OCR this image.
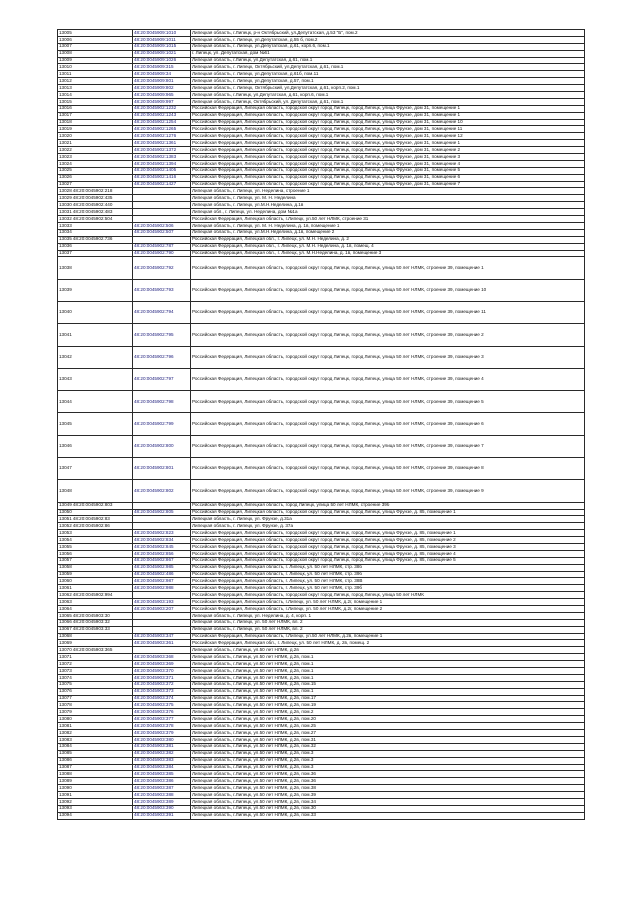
13005	48:20:0045909:1010	Липецкая область, г.Липецк, р-н Октябрьский, ул.Депутатская, д.53 "Б", пом.2
13006	48:20:0045909:1011	Липецкая область, г. Липецк, ул.Депутатская, д.55 б, пом.2
13007	48:20:0045909:1015	Липецкая область, г. Липецк, ул.Депутатская, д.61, корп.6, пом.1
13008	48:20:0045909:1021	г. Липецк, ул. Депутатская, дом №61
13009	48:20:0045909:1026	Липецкая область, г.Липецк, ул.Депутатская, д.61, пом.1
13010	48:20:0045909:315	Липецкая область, г. Липецк, Октябрьский, ул.Депутатская, д.61, пом.1
13011	48:20:0045909:34	Липецкая область, г. Липецк, ул.Депутатская, д.61б, пом.11
13012	48:20:0045909:801	Липецкая область, г. Липецк, ул.Депутатская, д.57, пом.1
13013	48:20:0045909:802	Липецкая область, г. Липецк, Октябрьский, ул.Депутатская, д.61, корп.2, пом.1
13014	48:20:0045909:965	Липецкая область, г.Липецк, ул.Депутатская, д.61, корп.6, пом.1
13015	48:20:0045909:997	Липецкая область, г.Липецк, Октябрьский, ул. Депутатская, д.61, пом.1
13016	48:20:0045902:1232	Российская Федерация, Липецкая область, городской округ город Липецк, город Липецк, улица Фрунзе, дом 31, помещение 1
13017	48:20:0045902:1243	Российская Федерация, Липецкая область, городской округ город Липецк, город Липецк, улица Фрунзе, дом 31, помещение 1
13018	48:20:0045902:1254	Российская Федерация, Липецкая область, городской округ город Липецк, город Липецк, улица Фрунзе, дом 31, помещение 10
13019	48:20:0045902:1265	Российская Федерация, Липецкая область, городской округ город Липецк, город Липецк, улица Фрунзе, дом 31, помещение 11
13020	48:20:0045902:1276	Российская Федерация, Липецкая область, городской округ город Липецк, город Липецк, улица Фрунзе, дом 31, помещение 12
13021	48:20:0045902:1361	Российская Федерация, Липецкая область, городской округ город Липецк, город Липецк, улица Фрунзе, дом 31, помещение 1
13022	48:20:0045902:1372	Российская Федерация, Липецкая область, городской округ город Липецк, город Липецк, улица Фрунзе, дом 31, помещение 2
13023	48:20:0045902:1383	Российская Федерация, Липецкая область, городской округ город Липецк, город Липецк, улица Фрунзе, дом 31, помещение 3
13024	48:20:0045902:1394	Российская Федерация, Липецкая область, городской округ город Липецк, город Липецк, улица Фрунзе, дом 31, помещение 4
13025	48:20:0045902:1405	Российская Федерация, Липецкая область, городской округ город Липецк, город Липецк, улица Фрунзе, дом 31, помещение 5
13026	48:20:0045902:1416	Российская Федерация, Липецкая область, городской округ город Липецк, город Липецк, улица Фрунзе, дом 31, помещение 6
13027	48:20:0045902:1427	Российская Федерация, Липецкая область, городской округ город Липецк, город Липецк, улица Фрунзе, дом 31, помещение 7
1302848:20:0045902:218		Липецкая область, г. Липецк, ул. Неделина, строение 1
1302948:20:0045902:435		Липецкая область, г. Липецк, ул. М. Н. Неделина
1303048:20:0045902:440		Липецкая область, г. Липецк, ул.М.Н.Неделина, д.1в
1303148:20:0045902:483		Липецкая обл., г. Липецк, ул. Неделина, дом №1а
1303248:20:0045902:504		Российская Федерация, Липецкая область, г.Липецк, ул.50 лет НЛМК, строение 31
13033	48:20:0045902:506	Липецкая область, г. Липецк, ул. М. Н. Неделина, д. 1в, помещение 1
13034	48:20:0045902:507	Липецкая область, г. Липецк, ул.М.Н.Неделина, д.1в, помещение 2
1303548:20:0045902:736		Российская Федерация, Липецкая обл., г. Липецк, ул. М.Н. Неделина, д. 2
13036	48:20:0045902:787	Российская Федерация, Липецкая обл., г. Липецк, ул. М.Н. Неделина, д. 1в, помещ. 4
13037	48:20:0045902:790	Российская Федерация, Липецкая обл., г. Липецк, ул. М.Н.Неделина, д. 1в, помещение 3
13038	48:20:0045902:792	Российская Федерация, Липецкая область, городской округ город Липецк, город Липецк, улица 50 лет НЛМК, строение 39, помещение 1
13039	48:20:0045902:793	Российская Федерация, Липецкая область, городской округ город Липецк, город Липецк, улица 50 лет НЛМК, строение 39, помещение 10
13040	48:20:0045902:794	Российская Федерация, Липецкая область, городской округ город Липецк, город Липецк, улица 50 лет НЛМК, строение 39, помещение 11
13041	48:20:0045902:795	Российская Федерация, Липецкая область, городской округ город Липецк, город Липецк, улица 50 лет НЛМК, строение 39, помещение 2
13042	48:20:0045902:796	Российская Федерация, Липецкая область, городской округ город Липецк, город Липецк, улица 50 лет НЛМК, строение 39, помещение 3
13043	48:20:0045902:797	Российская Федерация, Липецкая область, городской округ город Липецк, город Липецк, улица 50 лет НЛМК, строение 39, помещение 4
13044	48:20:0045902:798	Российская Федерация, Липецкая область, городской округ город Липецк, город Липецк, улица 50 лет НЛМК, строение 39, помещение 5
13045	48:20:0045902:799	Российская Федерация, Липецкая область, городской округ город Липецк, город Липецк, улица 50 лет НЛМК, строение 39, помещение 6
13046	48:20:0045902:800	Российская Федерация, Липецкая область, городской округ город Липецк, город Липецк, улица 50 лет НЛМК, строение 39, помещение 7
13047	48:20:0045902:801	Российская Федерация, Липецкая область, городской округ город Липецк, город Липецк, улица 50 лет НЛМК, строение 39, помещение 8
13048	48:20:0045902:802	Российская Федерация, Липецкая область, городской округ город Липецк, город Липецк, улица 50 лет НЛМК, строение 39, помещение 9
1304948:20:0045902:803		Российская Федерация, Липецкая область, город Липецк, улица 50 лет НЛМК, строение 39б
13050	48:20:0045902:805	Российская Федерация, Липецкая область, городской округ город Липецк, город Липецк, улица Фрунзе, д. 85, помещение 1
1305148:20:0045902:83		Липецкая область, г. Липецк, ул. Фрунзе, д.31а
1305248:20:0045902:86		Липецкая область, г. Липецк, ул. Фрунзе, д. 37а
13053	48:20:0045902:823	Российская Федерация, Липецкая область, городской округ город Липецк, город Липецк, улица Фрунзе, д. 85, помещение 1
13054	48:20:0045902:834	Российская Федерация, Липецкая область, городской округ город Липецк, город Липецк, улица Фрунзе, д. 85, помещение 2
13055	48:20:0045902:845	Российская Федерация, Липецкая область, городской округ город Липецк, город Липецк, улица Фрунзе, д. 85, помещение 3
13056	48:20:0045902:856	Российская Федерация, Липецкая область, городской округ город Липецк, город Липецк, улица Фрунзе, д. 85, помещение 4
13057	48:20:0045902:867	Российская Федерация, Липецкая область, городской округ город Липецк, город Липецк, улица Фрунзе, д. 85, помещение 5
13058	48:20:0045902:985	Российская Федерация, Липецкая область, г. Липецк, ул. 50 лет НЛМК, стр. 38б
13059	48:20:0045902:486	Российская Федерация, Липецкая область, г. Липецк, ул. 50 лет НЛМК, стр. 39б
13060	48:20:0045902:987	Российская Федерация, Липецкая область, г. Липецк, ул. 50 лет НЛМК, стр. 38В
13061	48:20:0045902:988	Российская Федерация, Липецкая область, г. Липецк, ул. 50 лет НЛМК, стр. 39б
1306248:20:0045902:994		Российская Федерация, Липецкая область, городской округ город Липецк, город Липецк, улица 50 лет НЛМК
13063	48:20:0045903:193	Российская Федерация, Липецкая область, г.Липецк, ул. 50 лет НЛМК, д.2г, помещение 1
13064	48:20:0045903:207	Российская Федерация, Липецкая область, г.Липецк, ул. 50 лет НЛМК, д.2г, помещение 2
1306548:20:0045903:30		Липецкая область, г. Липецк, ул. Неделина, д. 4, корп. 1
1306648:20:0045903:32		Липецкая область, г. Липецк, ул. 50 лет НЛМК, вл. 2
1306748:20:0045903:33		Липецкая область, г. Липецк, ул. 50 лет НЛМК, вл. 2
13068	48:20:0045903:347	Российская Федерация, Липецкая область, г.Липецк, ул.50 лет НЛМК, д.2в, помещение 1
13069	48:20:0045903:361	Российская Федерация, Липецкая обл., г. Липецк, ул. 50 лет НЛМК, д. 2в, помещ. 2
1307048:20:0045903:365		Липецкая область, г.Липецк, ул.50 лет НЛМК, д.2в
13071	48:20:0045903:368	Липецкая область, г.Липецк, ул.50 лет НЛМК, д.2в, пом.1
13072	48:20:0045903:369	Липецкая область, г.Липецк, ул.50 лет НЛМК, д.2в, пом.1
13073	48:20:0045903:370	Липецкая область, г.Липецк, ул.50 лет НЛМК, д.2в, пом.1
13074	48:20:0045903:371	Липецкая область, г.Липецк, ул.50 лет НЛМК, д.2в, пом.1
13075	48:20:0045903:372	Липецкая область, г.Липецк, ул.50 лет НЛМК, д.2в, пом.15
13076	48:20:0045903:373	Липецкая область, г.Липецк, ул.50 лет НЛМК, д.2в, пом.1
13077	48:20:0045903:374	Липецкая область, г.Липецк, ул.50 лет НЛМК, д.2в, пом.17
13078	48:20:0045903:375	Липецкая область, г.Липецк, ул.50 лет НЛМК, д.2в, пом.19
13079	48:20:0045903:376	Липецкая область, г.Липецк, ул.50 лет НЛМК, д.2в, пом.2
13080	48:20:0045903:377	Липецкая область, г.Липецк, ул.50 лет НЛМК, д.2в, пом.20
13081	48:20:0045903:378	Липецкая область, г.Липецк, ул.50 лет НЛМК, д.2в, пом.25
13082	48:20:0045903:379	Липецкая область, г.Липецк, ул.50 лет НЛМК, д.2в, пом.27
13083	48:20:0045903:380	Липецкая область, г.Липецк, ул.50 лет НЛМК, д.2в, пом.31
13084	48:20:0045903:381	Липецкая область, г.Липецк, ул.50 лет НЛМК, д.2в, пом.32
13085	48:20:0045903:382	Липецкая область, г.Липецк, ул.50 лет НЛМК, д.2в, пом.3
13086	48:20:0045903:383	Липецкая область, г.Липецк, ул.50 лет НЛМК, д.2в, пом.3
13087	48:20:0045903:384	Липецкая область, г.Липецк, ул.50 лет НЛМК, д.2в, пом.3
13088	48:20:0045903:385	Липецкая область, г.Липецк, ул.50 лет НЛМК, д.2в, пом.36
13089	48:20:0045903:386	Липецкая область, г.Липецк, ул.50 лет НЛМК, д.2в, пом.36
13090	48:20:0045903:387	Липецкая область, г.Липецк, ул.50 лет НЛМК, д.2в, пом.38
13091	48:20:0045903:388	Липецкая область, г.Липецк, ул.50 лет НЛМК, д.2в, пом.39
13092	48:20:0045903:389	Липецкая область, г.Липецк, ул.50 лет НЛМК, д.2в, пом.34
13093	48:20:0045903:390	Липецкая область, г.Липецк, ул.50 лет НЛМК, д.2в, пом.30
13094	48:20:0045903:391	Липецкая область, г.Липецк, ул.50 лет НЛМК, д.2в, пом.33
